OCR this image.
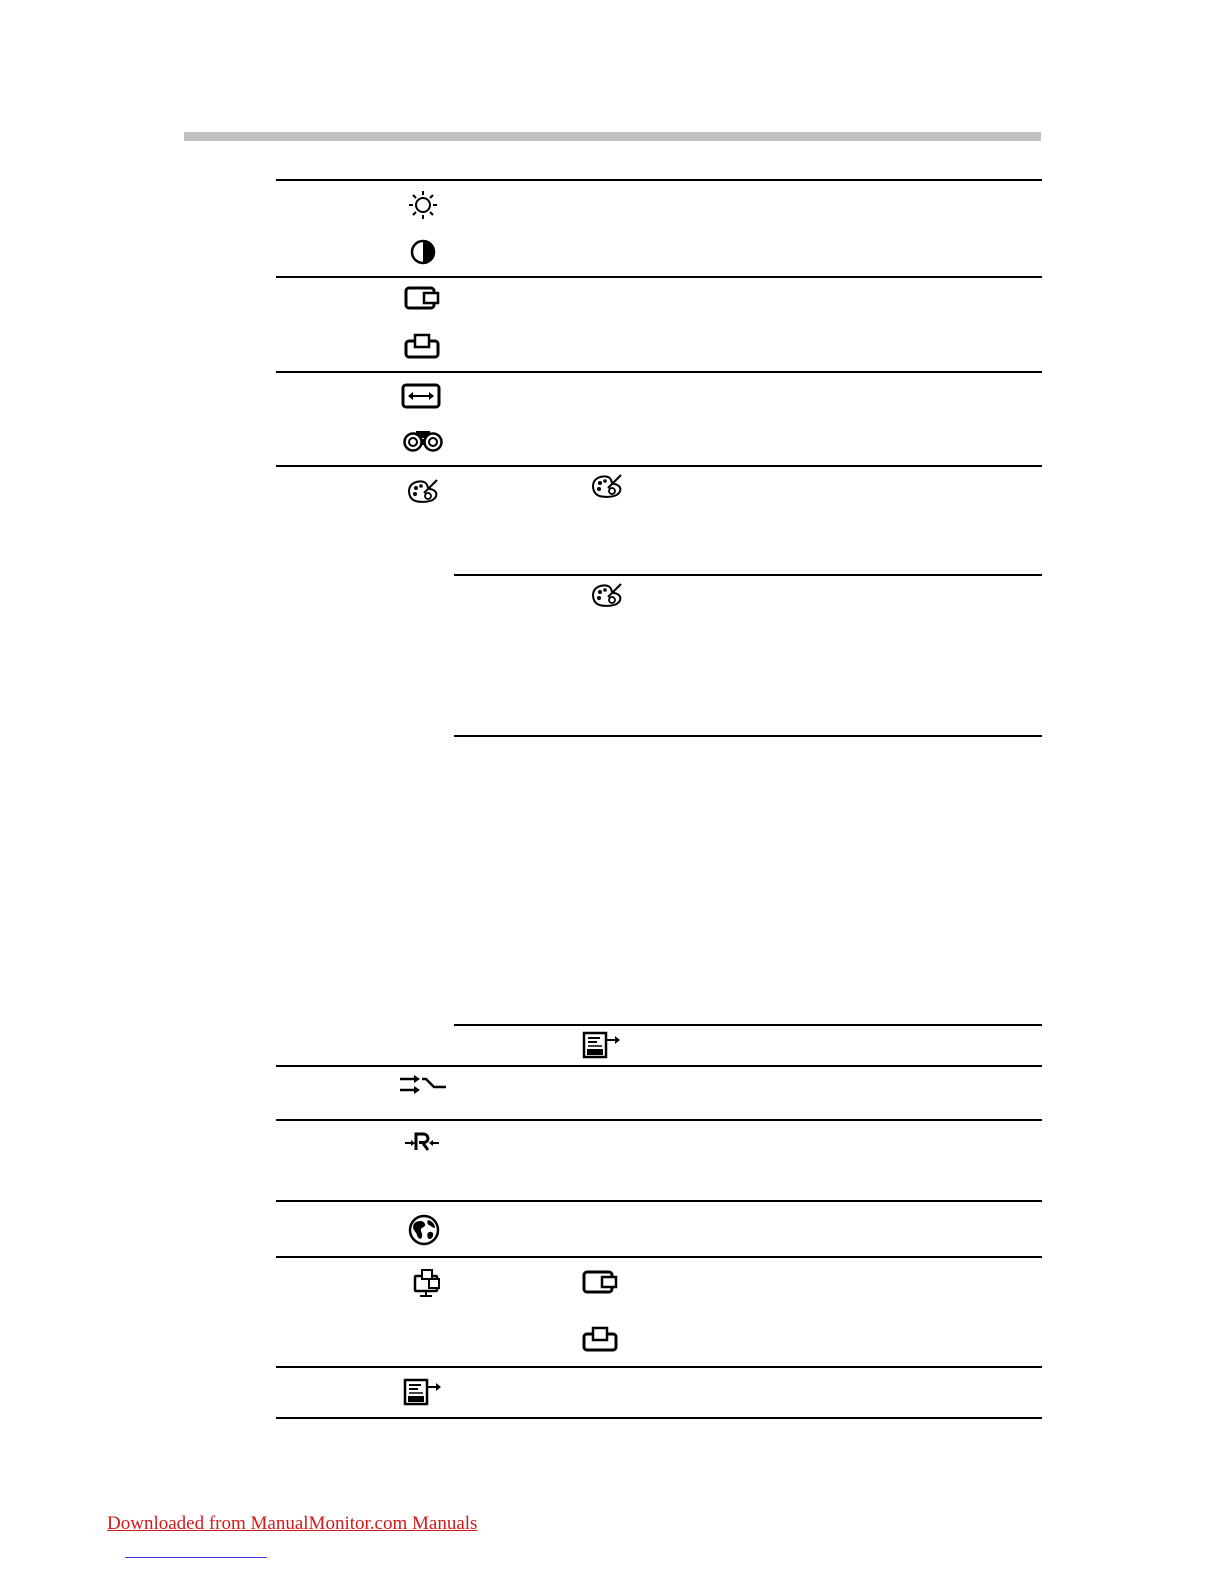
Downloaded from ManualMonitor.com Manuals
